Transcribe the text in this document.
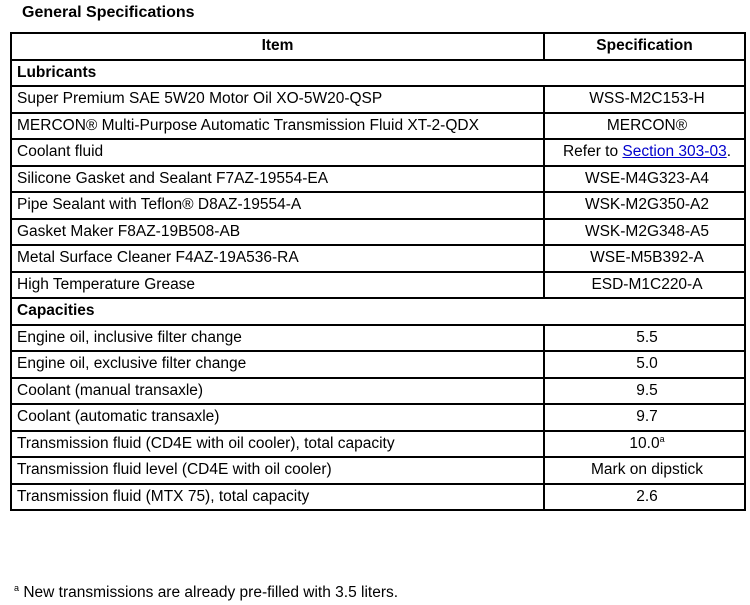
General Specifications
Item	Specification
Lubricants	
Super Premium SAE 5W20 Motor Oil XO-5W20-QSP	WSS-M2C153-H
MERCON® Multi-Purpose Automatic Transmission Fluid XT-2-QDX	MERCON®
Coolant fluid	Refer to Section 303-03.
Silicone Gasket and Sealant F7AZ-19554-EA	WSE-M4G323-A4
Pipe Sealant with Teflon® D8AZ-19554-A	WSK-M2G350-A2
Gasket Maker F8AZ-19B508-AB	WSK-M2G348-A5
Metal Surface Cleaner F4AZ-19A536-RA	WSE-M5B392-A
High Temperature Grease	ESD-M1C220-A
Capacities	
Engine oil, inclusive filter change	5.5
Engine oil, exclusive filter change	5.0
Coolant (manual transaxle)	9.5
Coolant (automatic transaxle)	9.7
Transmission fluid (CD4E with oil cooler), total capacity	10.0$^a$
Transmission fluid level (CD4E with oil cooler)	Mark on dipstick
Transmission fluid (MTX 75), total capacity	2.6
$^a$ New transmissions are already pre-filled with 3.5 liters.
